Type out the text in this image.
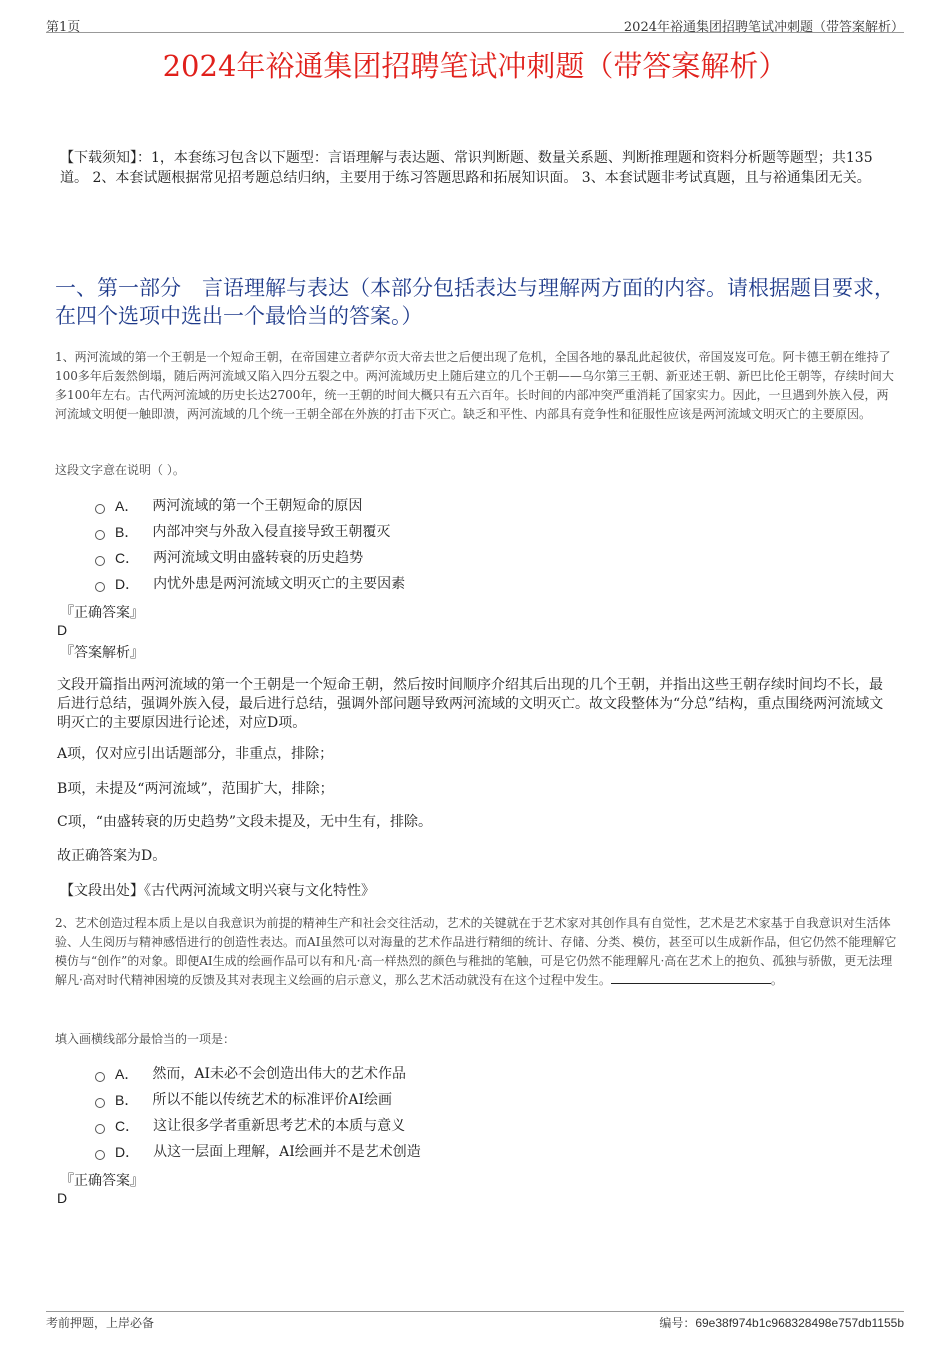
第1页	2024年裕通集团招聘笔试冲刺题（带答案解析）
2024年裕通集团招聘笔试冲刺题（带答案解析）
【下载须知】：1，本套练习包含以下题型：言语理解与表达题、常识判断题、数量关系题、判断推理题和资料分析题等题型；共135道。 2、本套试题根据常见招考题总结归纳，主要用于练习答题思路和拓展知识面。 3、本套试题非考试真题，且与裕通集团无关。
一、第一部分　言语理解与表达（本部分包括表达与理解两方面的内容。请根据题目要求，在四个选项中选出一个最恰当的答案。）
1、两河流域的第一个王朝是一个短命王朝，在帝国建立者萨尔贡大帝去世之后便出现了危机，全国各地的暴乱此起彼伏，帝国岌岌可危。阿卡德王朝在维持了100多年后轰然倒塌，随后两河流域又陷入四分五裂之中。两河流域历史上随后建立的几个王朝——乌尔第三王朝、新亚述王朝、新巴比伦王朝等，存续时间大多100年左右。古代两河流域的历史长达2700年，统一王朝的时间大概只有五六百年。长时间的内部冲突严重消耗了国家实力。因此，一旦遇到外族入侵，两河流域文明便一触即溃，两河流域的几个统一王朝全部在外族的打击下灭亡。缺乏和平性、内部具有竞争性和征服性应该是两河流域文明灭亡的主要原因。
这段文字意在说明（ ）。
A． 两河流域的第一个王朝短命的原因
B． 内部冲突与外敌入侵直接导致王朝覆灭
C． 两河流域文明由盛转衰的历史趋势
D． 内忧外患是两河流域文明灭亡的主要因素
『正确答案』
D
『答案解析』
文段开篇指出两河流域的第一个王朝是一个短命王朝，然后按时间顺序介绍其后出现的几个王朝，并指出这些王朝存续时间均不长，最后进行总结，强调外族入侵，最后进行总结，强调外部问题导致两河流域的文明灭亡。故文段整体为“分总”结构，重点围绕两河流域文明灭亡的主要原因进行论述，对应D项。
A项，仅对应引出话题部分，非重点，排除；
B项，未提及“两河流域”，范围扩大，排除；
C项，“由盛转衰的历史趋势”文段未提及，无中生有，排除。
故正确答案为D。
【文段出处】《古代两河流域文明兴衰与文化特性》
2、艺术创造过程本质上是以自我意识为前提的精神生产和社会交往活动，艺术的关键就在于艺术家对其创作具有自觉性，艺术是艺术家基于自我意识对生活体验、人生阅历与精神感悟进行的创造性表达。而AI虽然可以对海量的艺术作品进行精细的统计、存储、分类、模仿，甚至可以生成新作品，但它仍然不能理解它模仿与“创作”的对象。即便AI生成的绘画作品可以有和凡·高一样热烈的颜色与稚拙的笔触，可是它仍然不能理解凡·高在艺术上的抱负、孤独与骄傲，更无法理解凡·高对时代精神困境的反馈及其对表现主义绘画的启示意义，那么艺术活动就没有在这个过程中发生。	。
填入画横线部分最恰当的一项是：
A． 然而，AI未必不会创造出伟大的艺术作品
B． 所以不能以传统艺术的标准评价AI绘画
C． 这让很多学者重新思考艺术的本质与意义
D． 从这一层面上理解，AI绘画并不是艺术创造
『正确答案』
D
考前押题，上岸必备	编号：69e38f974b1c968328498e757db1155b
